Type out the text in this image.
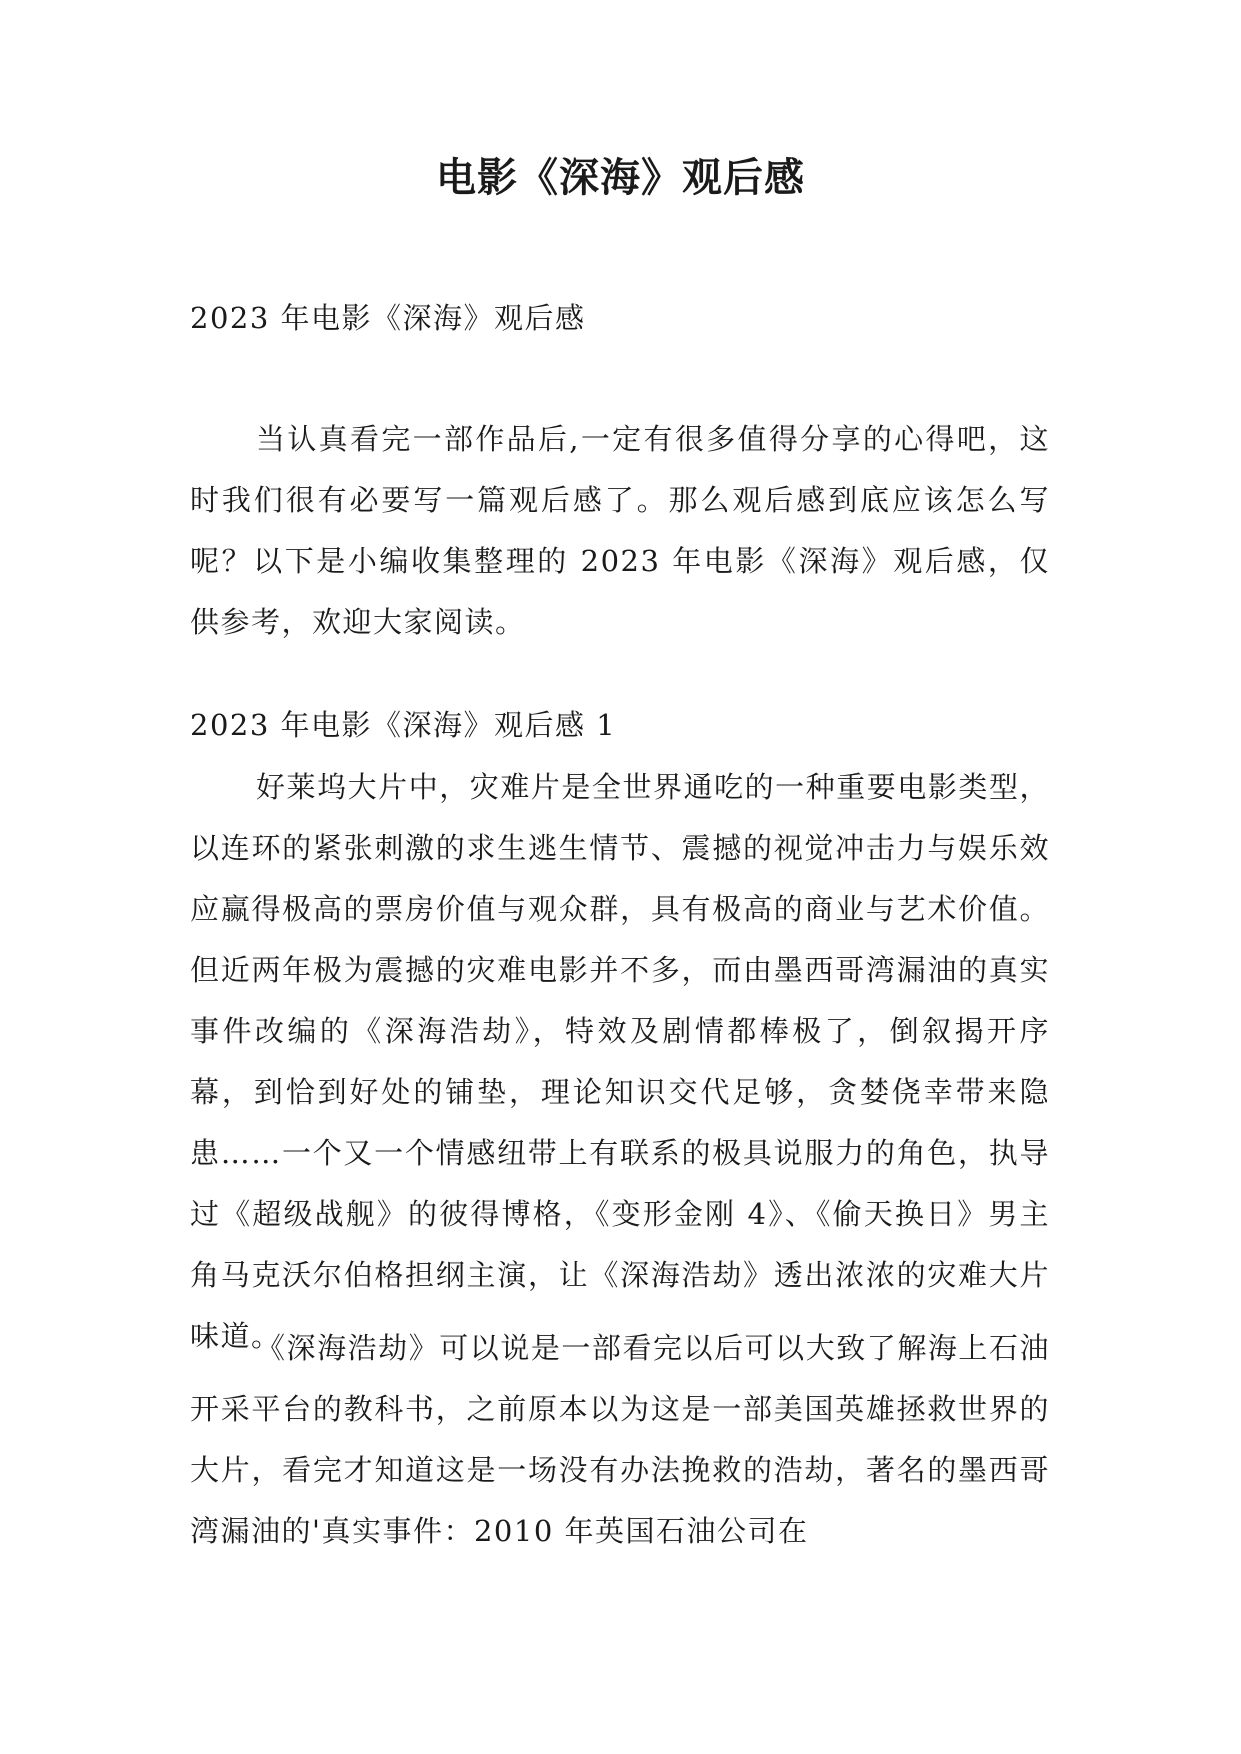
电影《深海》观后感

2023 年电影《深海》观后感

当认真看完一部作品后,一定有很多值得分享的心得吧，这时我们很有必要写一篇观后感了。那么观后感到底应该怎么写呢？以下是小编收集整理的 2023 年电影《深海》观后感，仅供参考，欢迎大家阅读。

2023 年电影《深海》观后感 1

好莱坞大片中，灾难片是全世界通吃的一种重要电影类型，以连环的紧张刺激的求生逃生情节、震撼的视觉冲击力与娱乐效应赢得极高的票房价值与观众群，具有极高的商业与艺术价值。但近两年极为震撼的灾难电影并不多，而由墨西哥湾漏油的真实事件改编的《深海浩劫》，特效及剧情都棒极了，倒叙揭开序幕，到恰到好处的铺垫，理论知识交代足够，贪婪侥幸带来隐患……一个又一个情感纽带上有联系的极具说服力的角色，执导过《超级战舰》的彼得博格，《变形金刚 4》、《偷天换日》男主角马克沃尔伯格担纲主演，让《深海浩劫》透出浓浓的灾难大片味道。

《深海浩劫》可以说是一部看完以后可以大致了解海上石油开采平台的教科书，之前原本以为这是一部美国英雄拯救世界的大片，看完才知道这是一场没有办法挽救的浩劫，著名的墨西哥湾漏油的'真实事件：2010 年英国石油公司在
